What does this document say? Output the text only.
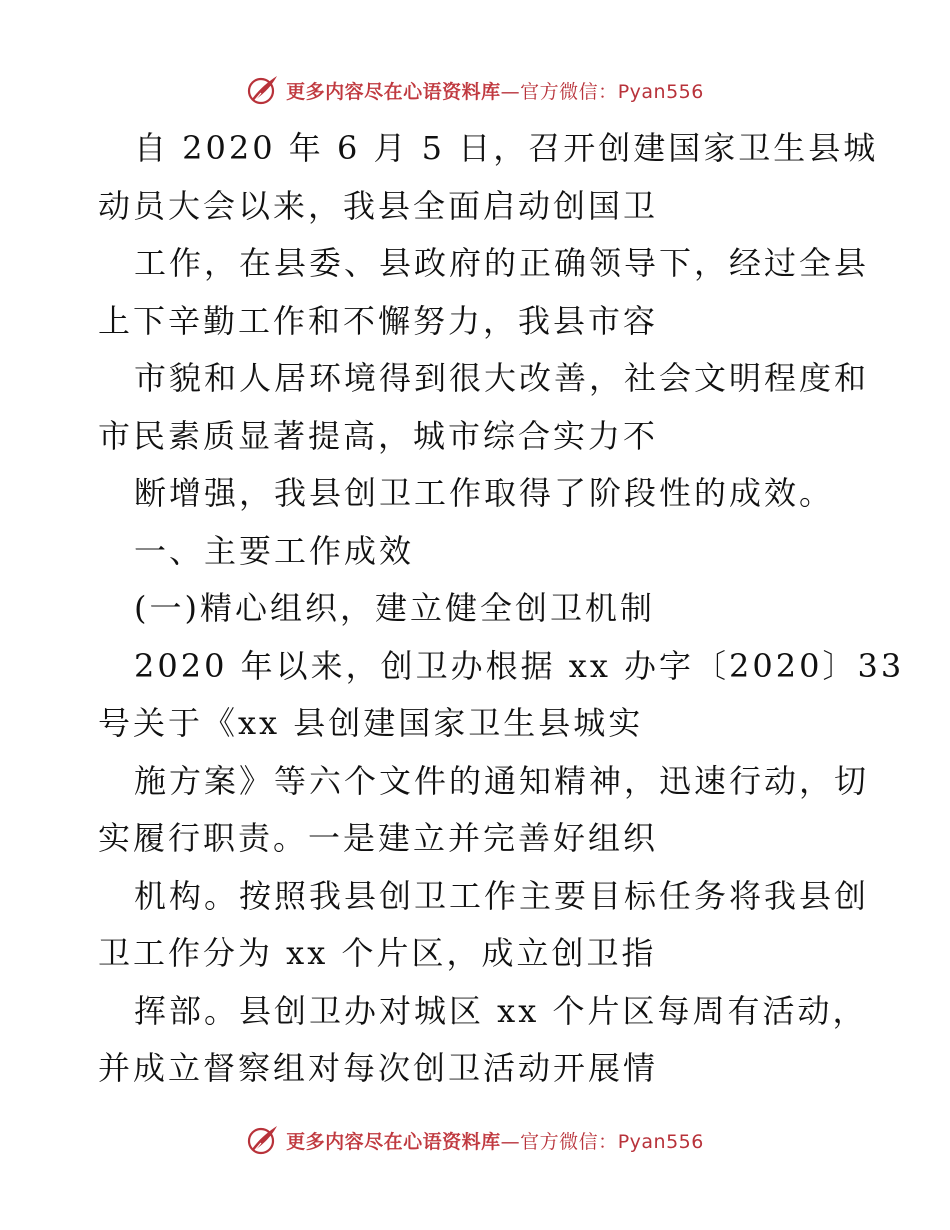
更多内容尽在心语资料库—官方微信：Pyan556
自 2020 年 6 月 5 日，召开创建国家卫生县城
动员大会以来，我县全面启动创国卫
工作，在县委、县政府的正确领导下，经过全县
上下辛勤工作和不懈努力，我县市容
市貌和人居环境得到很大改善，社会文明程度和
市民素质显著提高，城市综合实力不
断增强，我县创卫工作取得了阶段性的成效。
一、主要工作成效
(一)精心组织，建立健全创卫机制
2020 年以来，创卫办根据 xx 办字〔2020〕33
号关于《xx 县创建国家卫生县城实
施方案》等六个文件的通知精神，迅速行动，切
实履行职责。一是建立并完善好组织
机构。按照我县创卫工作主要目标任务将我县创
卫工作分为 xx 个片区，成立创卫指
挥部。县创卫办对城区 xx 个片区每周有活动，
并成立督察组对每次创卫活动开展情
更多内容尽在心语资料库—官方微信：Pyan556
